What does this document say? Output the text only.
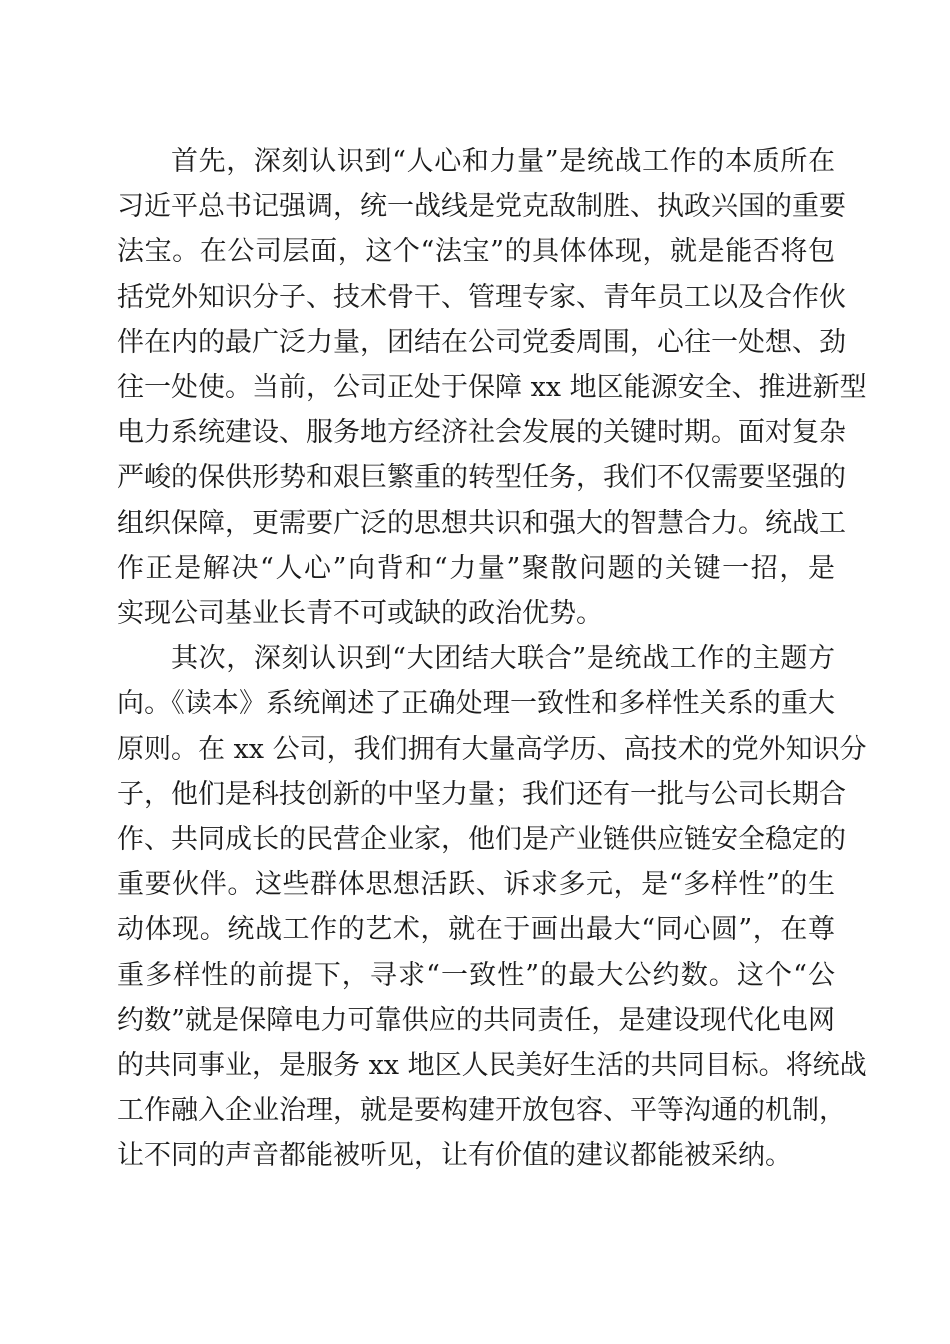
首先，深刻认识到“人心和力量”是统战工作的本质所在
习近平总书记强调，统一战线是党克敌制胜、执政兴国的重要
法宝。在公司层面，这个“法宝”的具体体现，就是能否将包
括党外知识分子、技术骨干、管理专家、青年员工以及合作伙
伴在内的最广泛力量，团结在公司党委周围，心往一处想、劲
往一处使。当前，公司正处于保障 xx 地区能源安全、推进新型
电力系统建设、服务地方经济社会发展的关键时期。面对复杂
严峻的保供形势和艰巨繁重的转型任务，我们不仅需要坚强的
组织保障，更需要广泛的思想共识和强大的智慧合力。统战工
作正是解决“人心”向背和“力量”聚散问题的关键一招，是
实现公司基业长青不可或缺的政治优势。
其次，深刻认识到“大团结大联合”是统战工作的主题方
向。《读本》系统阐述了正确处理一致性和多样性关系的重大
原则。在 xx 公司，我们拥有大量高学历、高技术的党外知识分
子，他们是科技创新的中坚力量；我们还有一批与公司长期合
作、共同成长的民营企业家，他们是产业链供应链安全稳定的
重要伙伴。这些群体思想活跃、诉求多元，是“多样性”的生
动体现。统战工作的艺术，就在于画出最大“同心圆”，在尊
重多样性的前提下，寻求“一致性”的最大公约数。这个“公
约数”就是保障电力可靠供应的共同责任，是建设现代化电网
的共同事业，是服务 xx 地区人民美好生活的共同目标。将统战
工作融入企业治理，就是要构建开放包容、平等沟通的机制，
让不同的声音都能被听见，让有价值的建议都能被采纳。
